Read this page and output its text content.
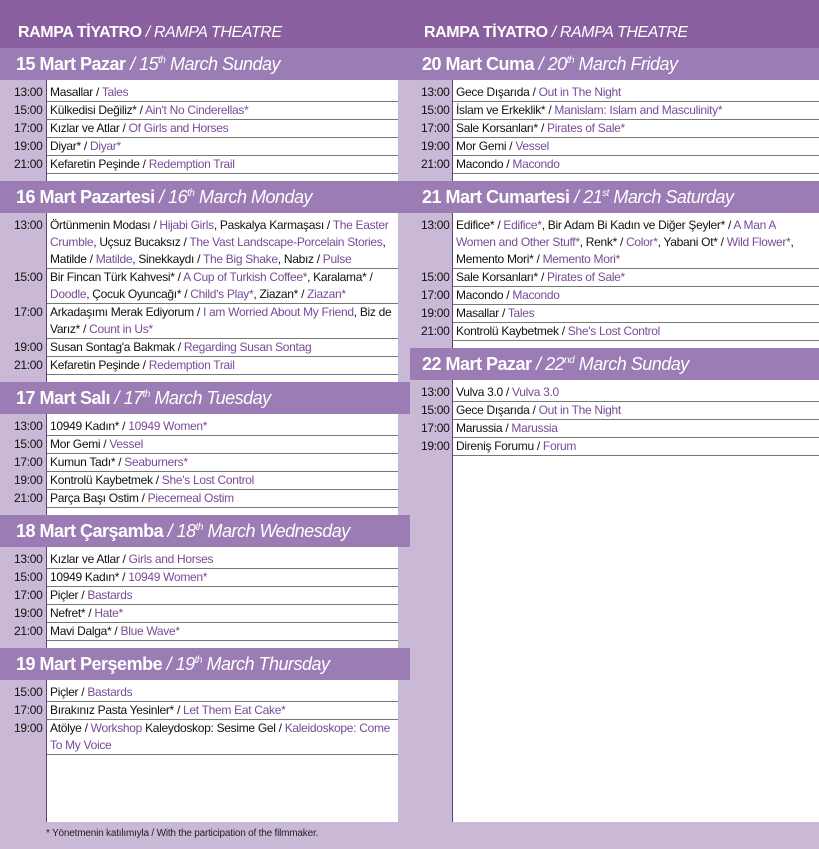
RAMPA TİYATRO / RAMPA THEATRE
15 Mart Pazar / 15th March Sunday
13:00 Masallar / Tales
15:00 Külkedisi Değiliz* / Ain't No Cinderellas*
17:00 Kızlar ve Atlar / Of Girls and Horses
19:00 Diyar* / Diyar*
21:00 Kefaretin Peşinde / Redemption Trail
16 Mart Pazartesi / 16th March Monday
13:00 Örtünmenin Modası / Hijabi Girls, Paskalya Karmaşası / The Easter Crumble, Uçsuz Bucaksız / The Vast Landscape-Porcelain Stories, Matilde / Matilde, Sinekkaydı / The Big Shake, Nabız / Pulse
15:00 Bir Fincan Türk Kahvesi* / A Cup of Turkish Coffee*, Karalama* / Doodle, Çocuk Oyuncağı* / Child's Play*, Ziazan* / Ziazan*
17:00 Arkadaşımı Merak Ediyorum / I am Worried About My Friend, Biz de Varız* / Count in Us*
19:00 Susan Sontag'a Bakmak / Regarding Susan Sontag
21:00 Kefaretin Peşinde / Redemption Trail
17 Mart Salı / 17th March Tuesday
13:00 10949 Kadın* / 10949 Women*
15:00 Mor Gemi / Vessel
17:00 Kumun Tadı* / Seaburners*
19:00 Kontrolü Kaybetmek / She's Lost Control
21:00 Parça Başı Ostim / Piecemeal Ostim
18 Mart Çarşamba / 18th March Wednesday
13:00 Kızlar ve Atlar / Girls and Horses
15:00 10949 Kadın* / 10949 Women*
17:00 Piçler / Bastards
19:00 Nefret* / Hate*
21:00 Mavi Dalga* / Blue Wave*
19 Mart Perşembe / 19th March Thursday
15:00 Piçler / Bastards
17:00 Bırakınız Pasta Yesinler* / Let Them Eat Cake*
19:00 Atölye / Workshop Kaleydoskop: Sesime Gel / Kaleidoskope: Come To My Voice
RAMPA TİYATRO / RAMPA THEATRE
20 Mart Cuma / 20th March Friday
13:00 Gece Dışarıda / Out in The Night
15:00 İslam ve Erkeklik* / Manislam: Islam and Masculinity*
17:00 Sale Korsanları* / Pirates of Sale*
19:00 Mor Gemi / Vessel
21:00 Macondo / Macondo
21 Mart Cumartesi / 21st March Saturday
13:00 Edifice* / Edifice*, Bir Adam Bi Kadın ve Diğer Şeyler* / A Man A Women and Other Stuff*, Renk* / Color*, Yabani Ot* / Wild Flower*, Memento Mori* / Memento Mori*
15:00 Sale Korsanları* / Pirates of Sale*
17:00 Macondo / Macondo
19:00 Masallar / Tales
21:00 Kontrolü Kaybetmek / She's Lost Control
22 Mart Pazar / 22nd March Sunday
13:00 Vulva 3.0 / Vulva 3.0
15:00 Gece Dışarıda / Out in The Night
17:00 Marussia / Marussia
19:00 Direniş Forumu / Forum
* Yönetmenin katılımıyla / With the participation of the filmmaker.
